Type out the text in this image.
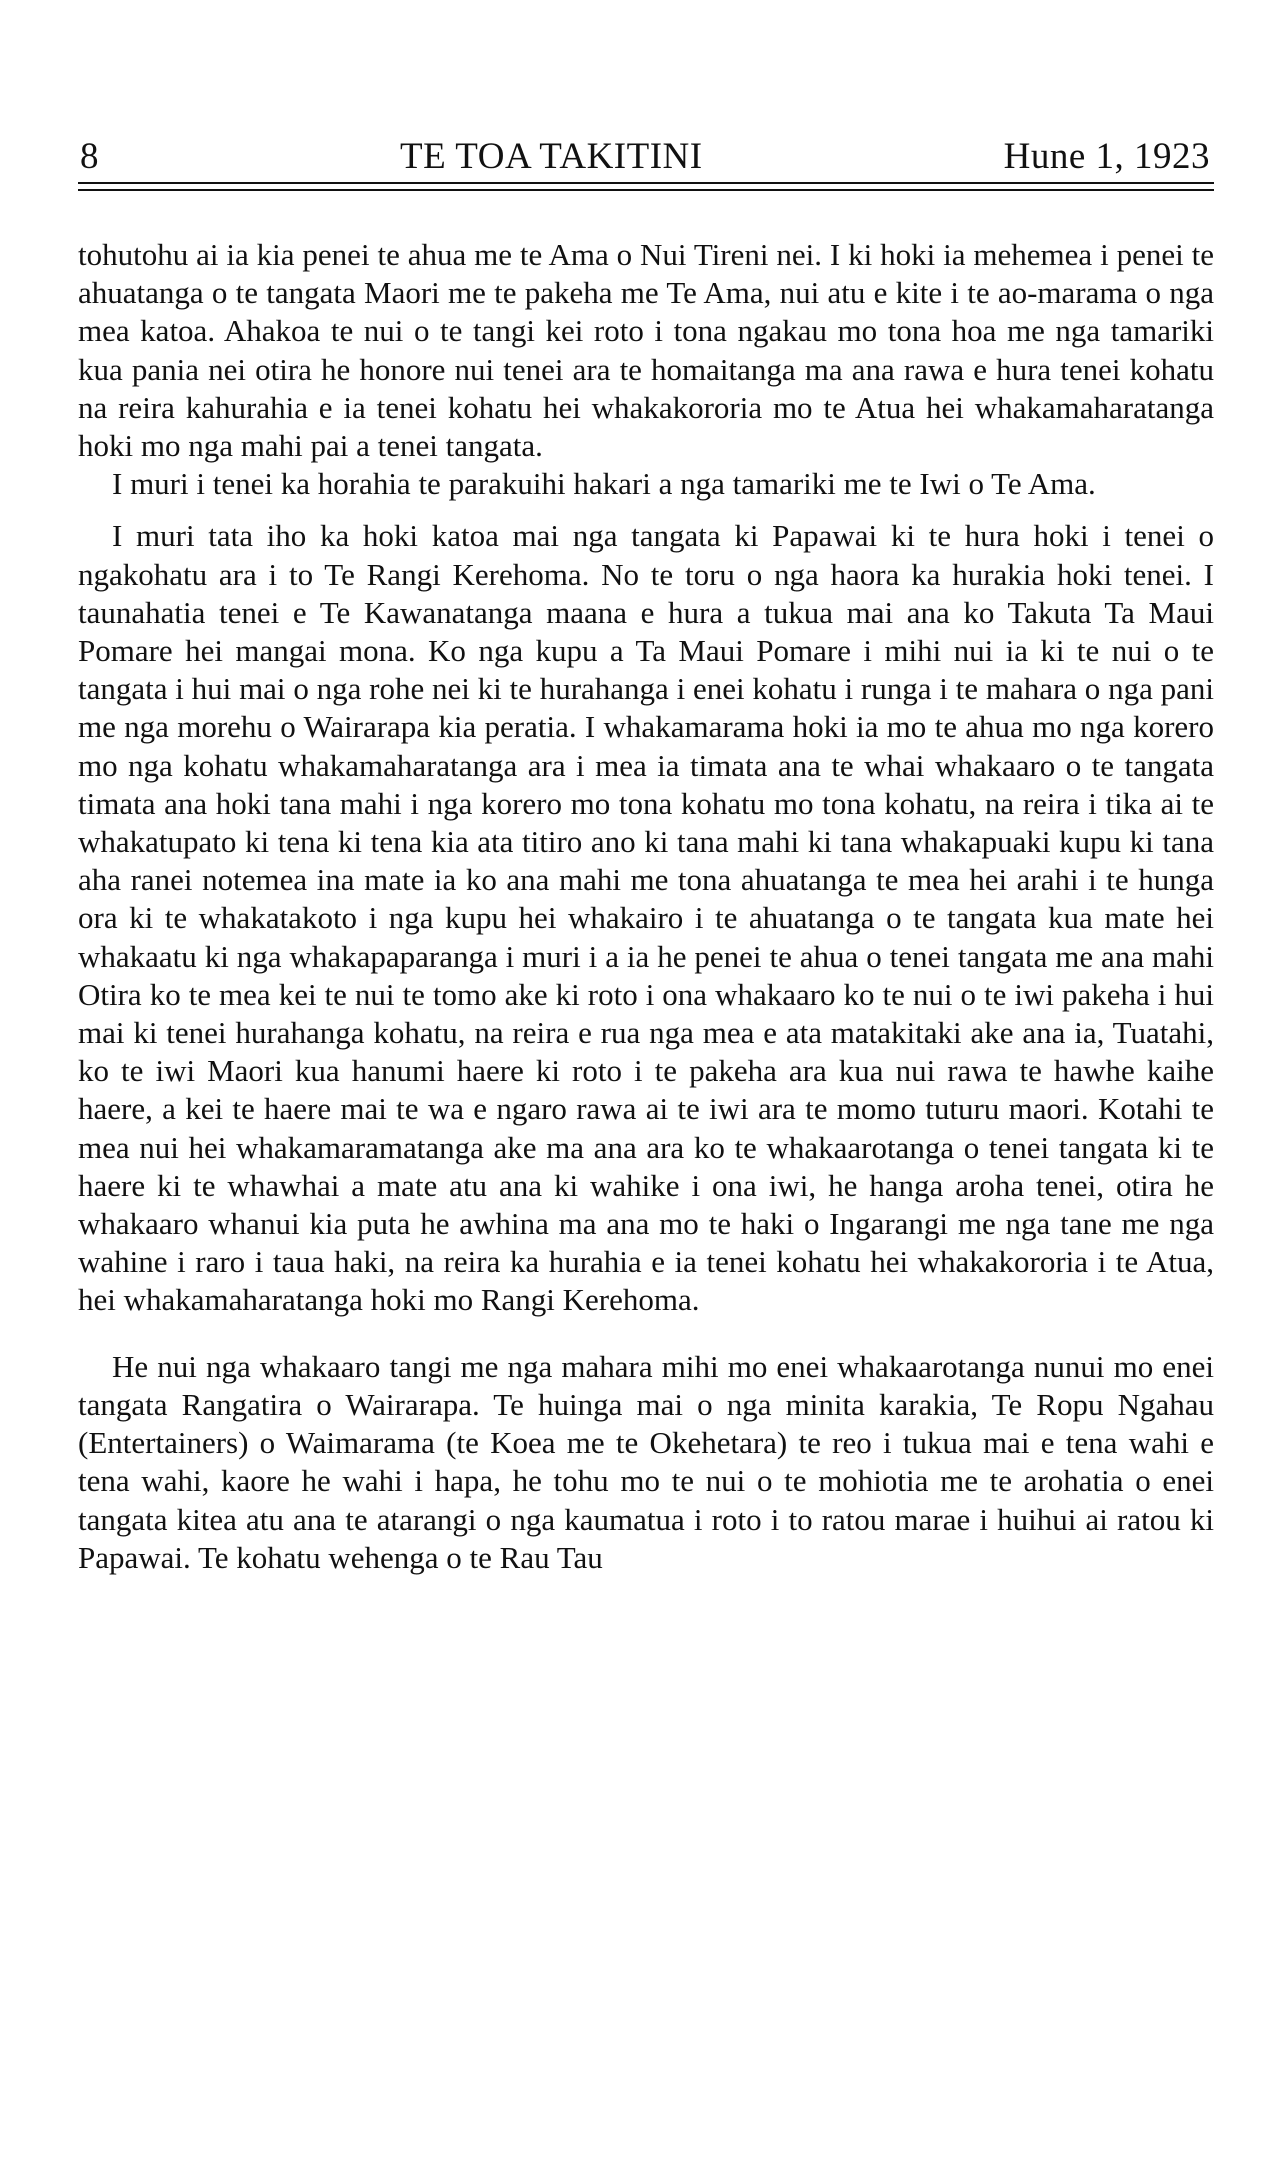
8	TE TOA TAKITINI	Hune 1, 1923

tohutohu ai ia kia penei te ahua me te Ama o Nui Tireni nei. I ki hoki ia mehemea i penei te ahuatanga o te tangata Maori me te pakeha me Te Ama, nui atu e kite i te ao-marama o nga mea katoa. Ahakoa te nui o te tangi kei roto i tona ngakau mo tona hoa me nga tamariki kua pania nei otira he honore nui tenei ara te homaitanga ma ana rawa e hura tenei kohatu na reira kahurahia e ia tenei kohatu hei whakakororia mo te Atua hei whakamaharatanga hoki mo nga mahi pai a tenei tangata.

I muri i tenei ka horahia te parakuihi hakari a nga tamariki me te Iwi o Te Ama.

I muri tata iho ka hoki katoa mai nga tangata ki Papawai ki te hura hoki i tenei o ngakohatu ara i to Te Rangi Kerehoma. No te toru o nga haora ka hurakia hoki tenei. I taunahatia tenei e Te Kawanatanga maana e hura a tukua mai ana ko Takuta Ta Maui Pomare hei mangai mona. Ko nga kupu a Ta Maui Pomare i mihi nui ia ki te nui o te tangata i hui mai o nga rohe nei ki te hurahanga i enei kohatu i runga i te mahara o nga pani me nga morehu o Wairarapa kia peratia. I whakamarama hoki ia mo te ahua mo nga korero mo nga kohatu whakamaharatanga ara i mea ia timata ana te whai whakaaro o te tangata timata ana hoki tana mahi i nga korero mo tona kohatu mo tona kohatu, na reira i tika ai te whakatupato ki tena ki tena kia ata titiro ano ki tana mahi ki tana whakapuaki kupu ki tana aha ranei notemea ina mate ia ko ana mahi me tona ahuatanga te mea hei arahi i te hunga ora ki te whakatakoto i nga kupu hei whakairo i te ahuatanga o te tangata kua mate hei whakaatu ki nga whakapaparanga i muri i a ia he penei te ahua o tenei tangata me ana mahi Otira ko te mea kei te nui te tomo ake ki roto i ona whakaaro ko te nui o te iwi pakeha i hui mai ki tenei hurahanga kohatu, na reira e rua nga mea e ata matakitaki ake ana ia, Tuatahi, ko te iwi Maori kua hanumi haere ki roto i te pakeha ara kua nui rawa te hawhe kaihe haere, a kei te haere mai te wa e ngaro rawa ai te iwi ara te momo tuturu maori. Kotahi te mea nui hei whakamaramatanga ake ma ana ara ko te whakaarotanga o tenei tangata ki te haere ki te whawhai a mate atu ana ki wahike i ona iwi, he hanga aroha tenei, otira he whakaaro whanui kia puta he awhina ma ana mo te haki o Ingarangi me nga tane me nga wahine i raro i taua haki, na reira ka hurahia e ia tenei kohatu hei whakakororia i te Atua, hei whakamaharatanga hoki mo Rangi Kerehoma.

He nui nga whakaaro tangi me nga mahara mihi mo enei whakaarotanga nunui mo enei tangata Rangatira o Wairarapa. Te huinga mai o nga minita karakia, Te Ropu Ngahau (Entertainers) o Waimarama (te Koea me te Okehetara) te reo i tukua mai e tena wahi e tena wahi, kaore he wahi i hapa, he tohu mo te nui o te mohiotia me te arohatia o enei tangata kitea atu ana te atarangi o nga kaumatua i roto i to ratou marae i huihui ai ratou ki Papawai. Te kohatu wehenga o te Rau Tau
